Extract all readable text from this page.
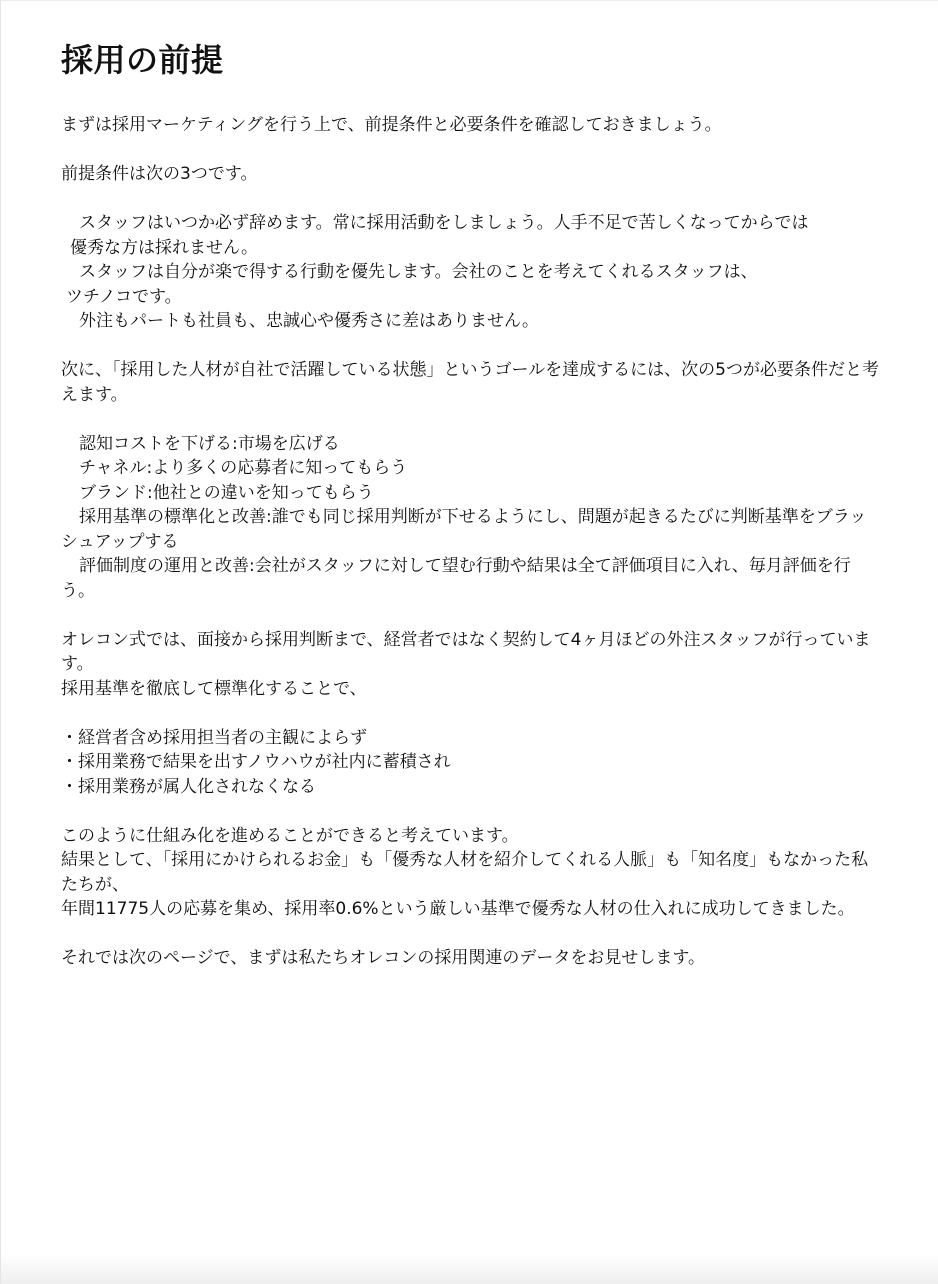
採用の前提

まずは採用マーケティングを行う上で、前提条件と必要条件を確認しておきましょう。

前提条件は次の3つです。

スタッフはいつか必ず辞めます。常に採用活動をしましょう。人手不足で苦しくなってからでは

優秀な方は採れません。

スタッフは自分が楽で得する行動を優先します。会社のことを考えてくれるスタッフは、

ツチノコです。

外注もパートも社員も、忠誠心や優秀さに差はありません。

次に、「採用した人材が自社で活躍している状態」というゴールを達成するには、次の5つが必要条件だと考えます。

認知コストを下げる:市場を広げる

チャネル:より多くの応募者に知ってもらう

ブランド:他社との違いを知ってもらう

採用基準の標準化と改善:誰でも同じ採用判断が下せるようにし、問題が起きるたびに判断基準をブラッシュアップする

評価制度の運用と改善:会社がスタッフに対して望む行動や結果は全て評価項目に入れ、毎月評価を行う。

オレコン式では、面接から採用判断まで、経営者ではなく契約して4ヶ月ほどの外注スタッフが行っています。

採用基準を徹底して標準化することで、

・経営者含め採用担当者の主観によらず

・採用業務で結果を出すノウハウが社内に蓄積され

・採用業務が属人化されなくなる

このように仕組み化を進めることができると考えています。

結果として、「採用にかけられるお金」も「優秀な人材を紹介してくれる人脈」も「知名度」もなかった私たちが、

年間11775人の応募を集め、採用率0.6%という厳しい基準で優秀な人材の仕入れに成功してきました。

それでは次のページで、まずは私たちオレコンの採用関連のデータをお見せします。
